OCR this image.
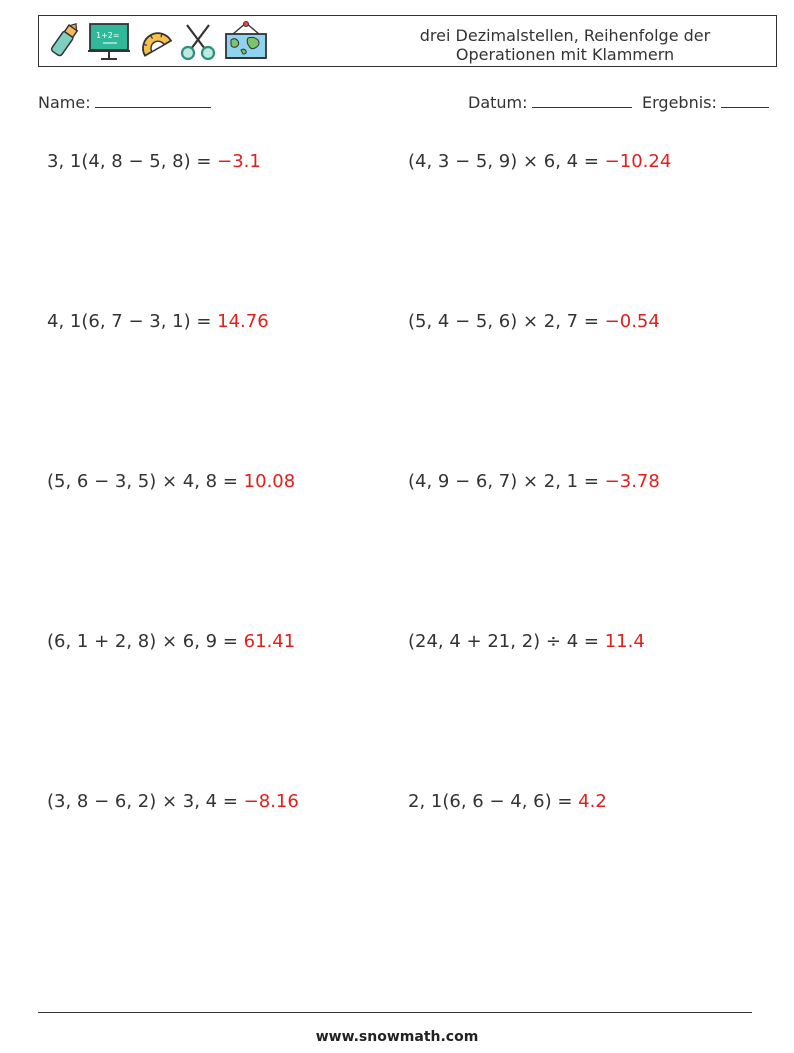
1+2=	drei Dezimalstellen, Reihenfolge der
Operationen mit Klammern
Name:	Datum:	Ergebnis:
3, 1(4, 8 − 5, 8) = −3.1	(4, 3 − 5, 9) × 6, 4 = −10.24
4, 1(6, 7 − 3, 1) = 14.76	(5, 4 − 5, 6) × 2, 7 = −0.54
(5, 6 − 3, 5) × 4, 8 = 10.08	(4, 9 − 6, 7) × 2, 1 = −3.78
(6, 1 + 2, 8) × 6, 9 = 61.41	(24, 4 + 21, 2) ÷ 4 = 11.4
(3, 8 − 6, 2) × 3, 4 = −8.16	2, 1(6, 6 − 4, 6) = 4.2
www.snowmath.com
